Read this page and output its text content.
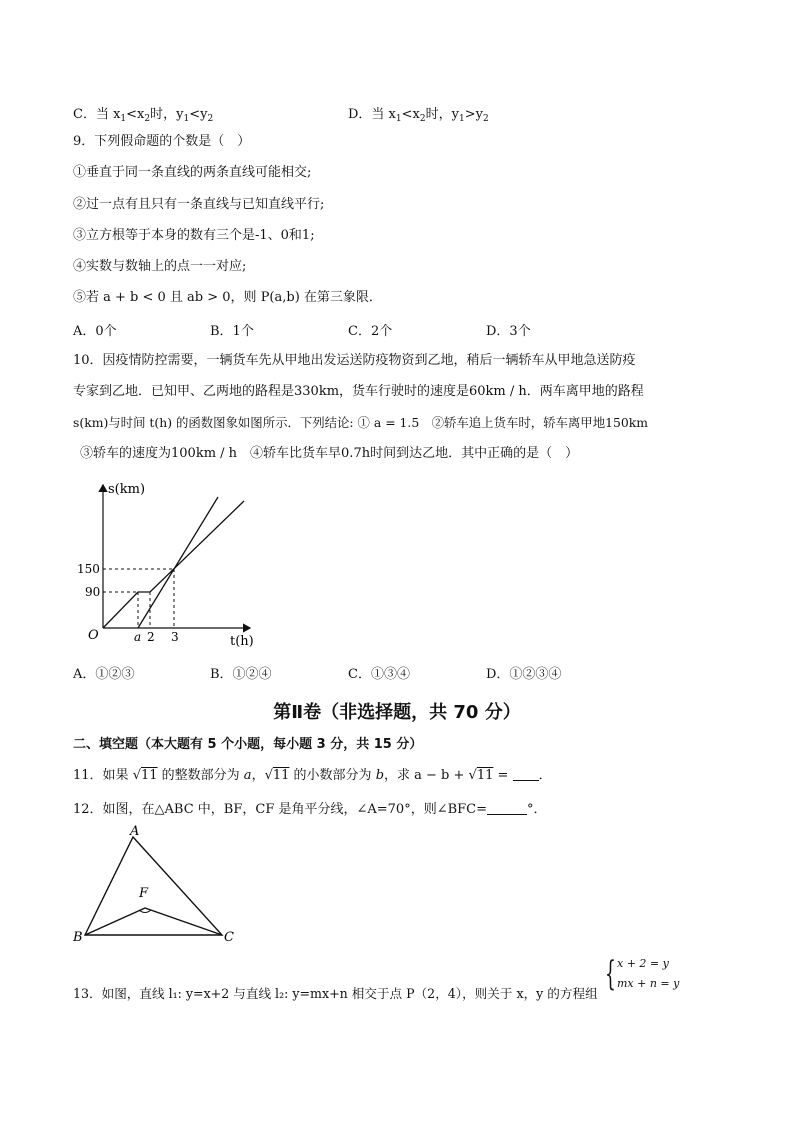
C．当 $x_1<x_2$时，$y_1<y_2$	D．当 $x_1<x_2$时，$y_1>y_2$
9．下列假命题的个数是（　）
①垂直于同一条直线的两条直线可能相交;
②过一点有且只有一条直线与已知直线平行;
③立方根等于本身的数有三个是-1、0和1;
④实数与数轴上的点一一对应;
⑤若 a + b < 0 且 ab > 0，则 P(a,b) 在第三象限．
A．0个	B．1个	C．2个	D．3个
10．因疫情防控需要，一辆货车先从甲地出发运送防疫物资到乙地，稍后一辆轿车从甲地急送防疫
专家到乙地．已知甲、乙两地的路程是330km，货车行驶时的速度是60km / h．两车离甲地的路程
s(km)与时间 t(h) 的函数图象如图所示．下列结论: ① a = 1.5　②轿车追上货车时，轿车离甲地150km
③轿车的速度为100km / h　④轿车比货车早0.7h时间到达乙地．其中正确的是（　）
s(km)
t(h)
O
150
90
a 2 3
A．①②③	B．①②④	C．①③④	D．①②③④
第Ⅱ卷（非选择题，共 70 分）
二、填空题（本大题有 5 个小题，每小题 3 分，共 15 分）
11．如果 √11 的整数部分为 a，√11 的小数部分为 b，求 a − b + √11 = ．
12．如图，在△ABC 中，BF，CF 是角平分线，∠A=70°，则∠BFC=	°．
A
B	C
F
13．如图，直线 l₁: y=x+2 与直线 l₂: y=mx+n 相交于点 P（2，4），则关于 x，y 的方程组 { x + 2 = y
mx + n = y
